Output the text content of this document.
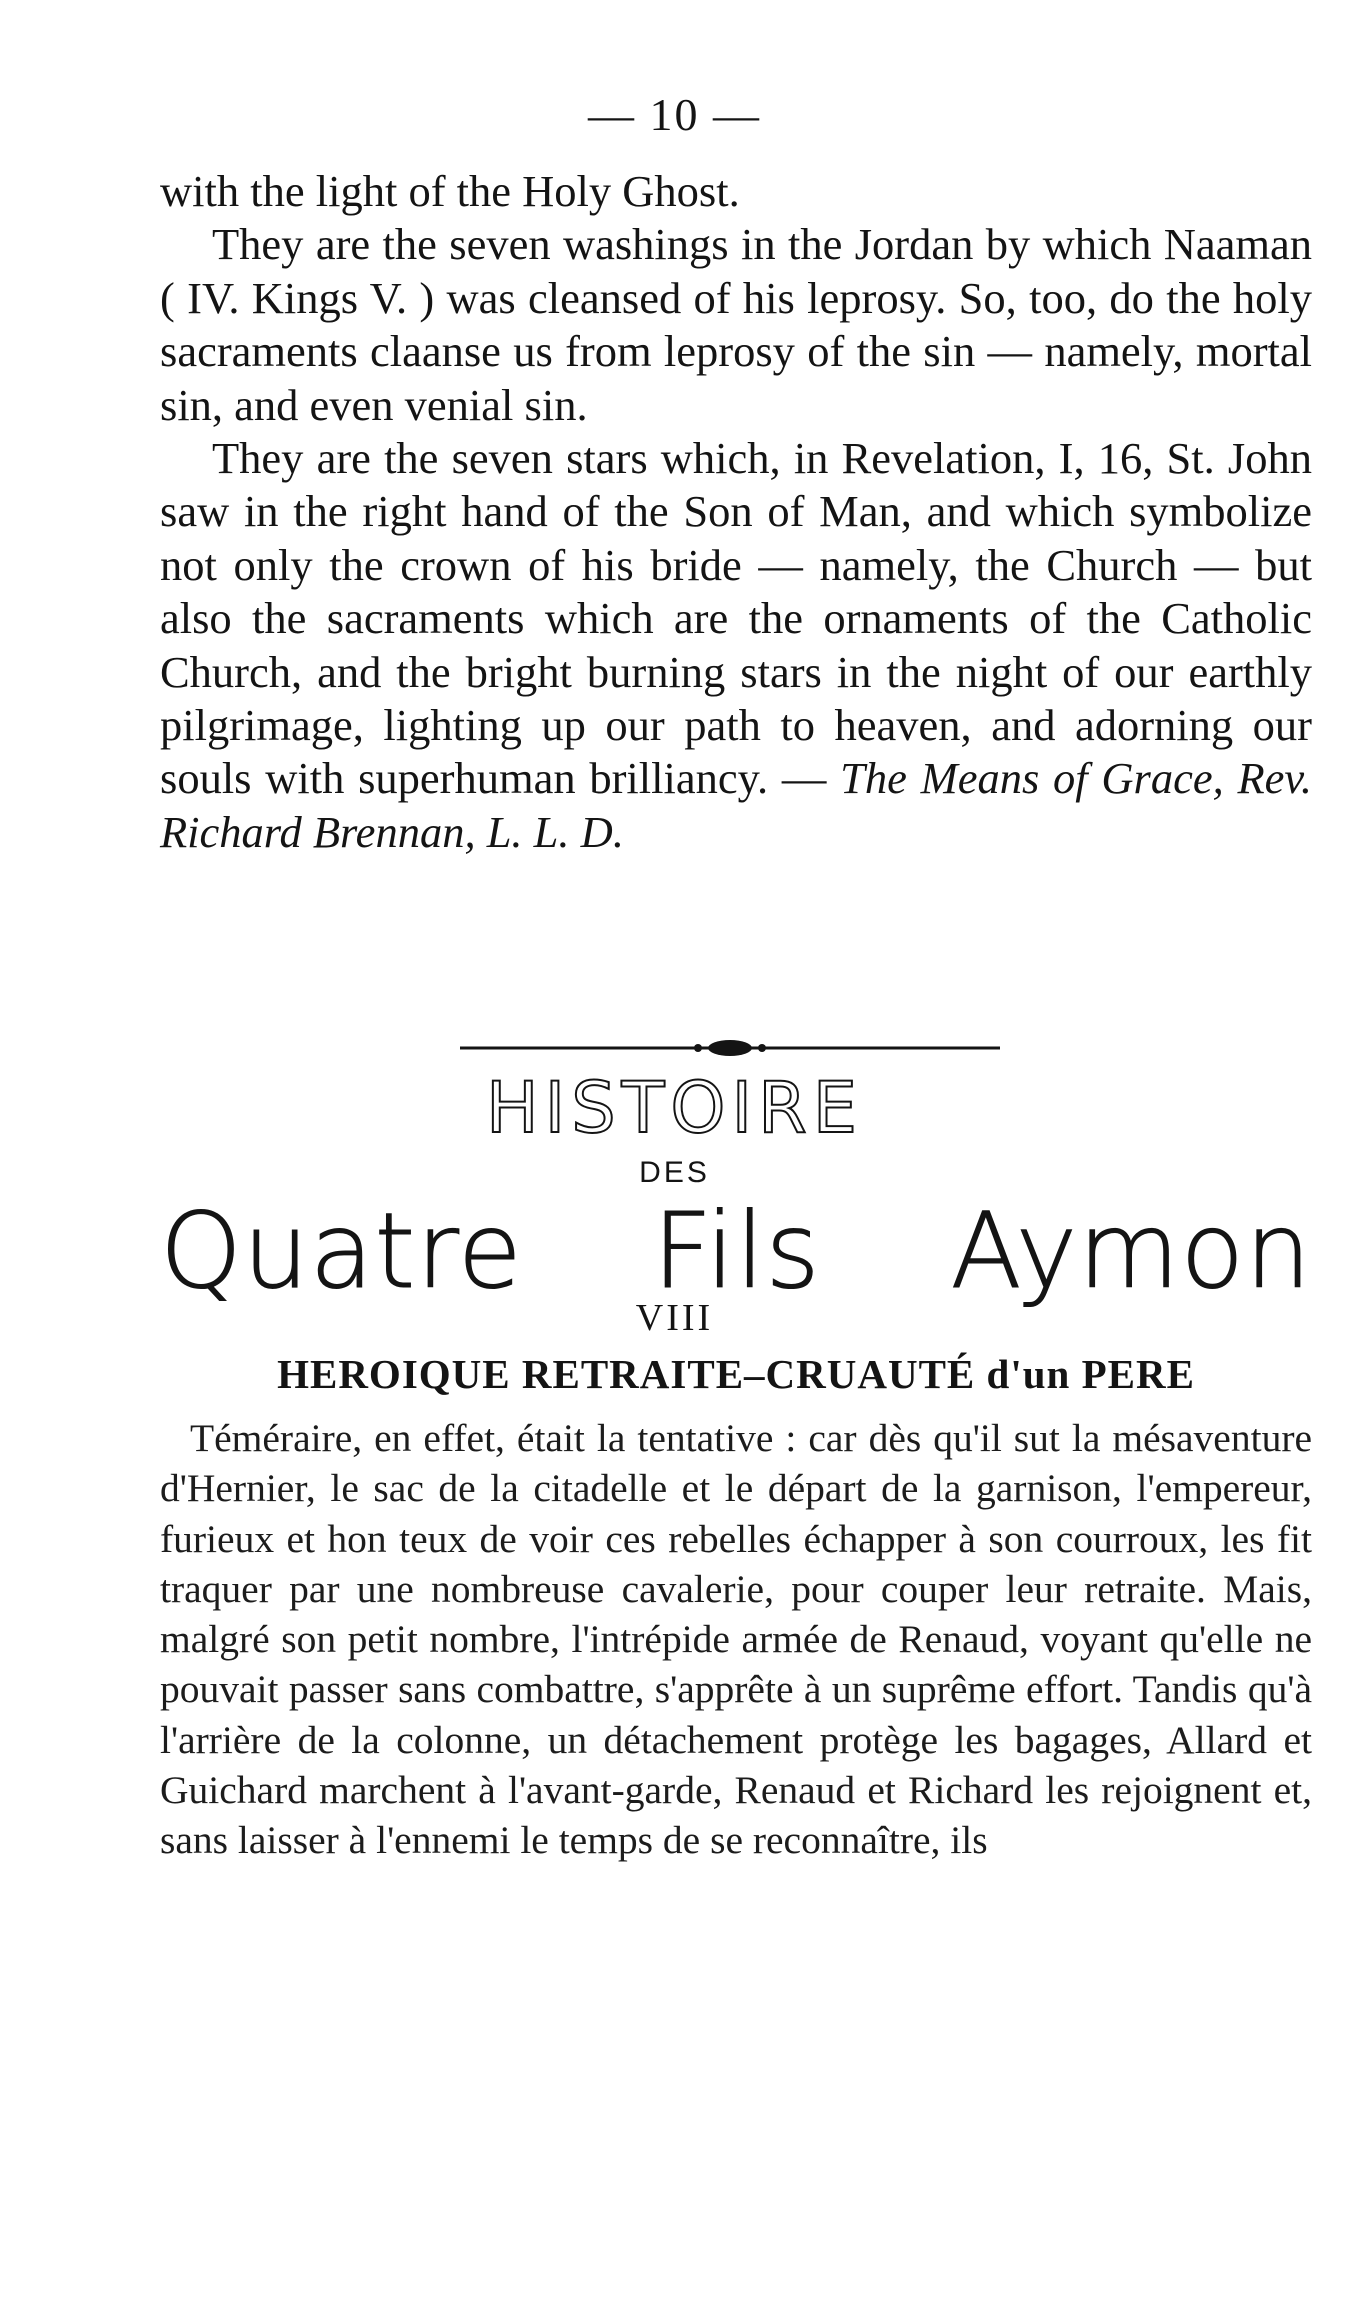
— 10 —

with the light of the Holy Ghost.

They are the seven washings in the Jordan by which Naaman ( IV. Kings V. ) was cleansed of his leprosy. So, too, do the holy sacraments claanse us from leprosy of the sin — namely, mortal sin, and even venial sin.

They are the seven stars which, in Revelation, I, 16, St. John saw in the right hand of the Son of Man, and which symbolize not only the crown of his bride — namely, the Church — but also the sacraments which are the ornaments of the Catholic Church, and the bright burning stars in the night of our earthly pilgrimage, lighting up our path to heaven, and adorning our souls with superhuman brilliancy. — The Means of Grace, Rev. Richard Brennan, L. L. D.

HISTOIRE
DES
Quatre Fils Aymon
VIII
HEROIQUE RETRAITE–CRUAUTÉ d'un PERE

Téméraire, en effet, était la tentative : car dès qu'il sut la mésaventure d'Hernier, le sac de la citadelle et le départ de la garnison, l'empereur, furieux et hon teux de voir ces rebelles échapper à son courroux, les fit traquer par une nombreuse cavalerie, pour couper leur retraite. Mais, malgré son petit nombre, l'intrépide armée de Renaud, voyant qu'elle ne pouvait passer sans combattre, s'apprête à un suprême effort. Tandis qu'à l'arrière de la colonne, un détachement protège les bagages, Allard et Guichard marchent à l'avant-garde, Renaud et Richard les rejoignent et, sans laisser à l'ennemi le temps de se reconnaître, ils
